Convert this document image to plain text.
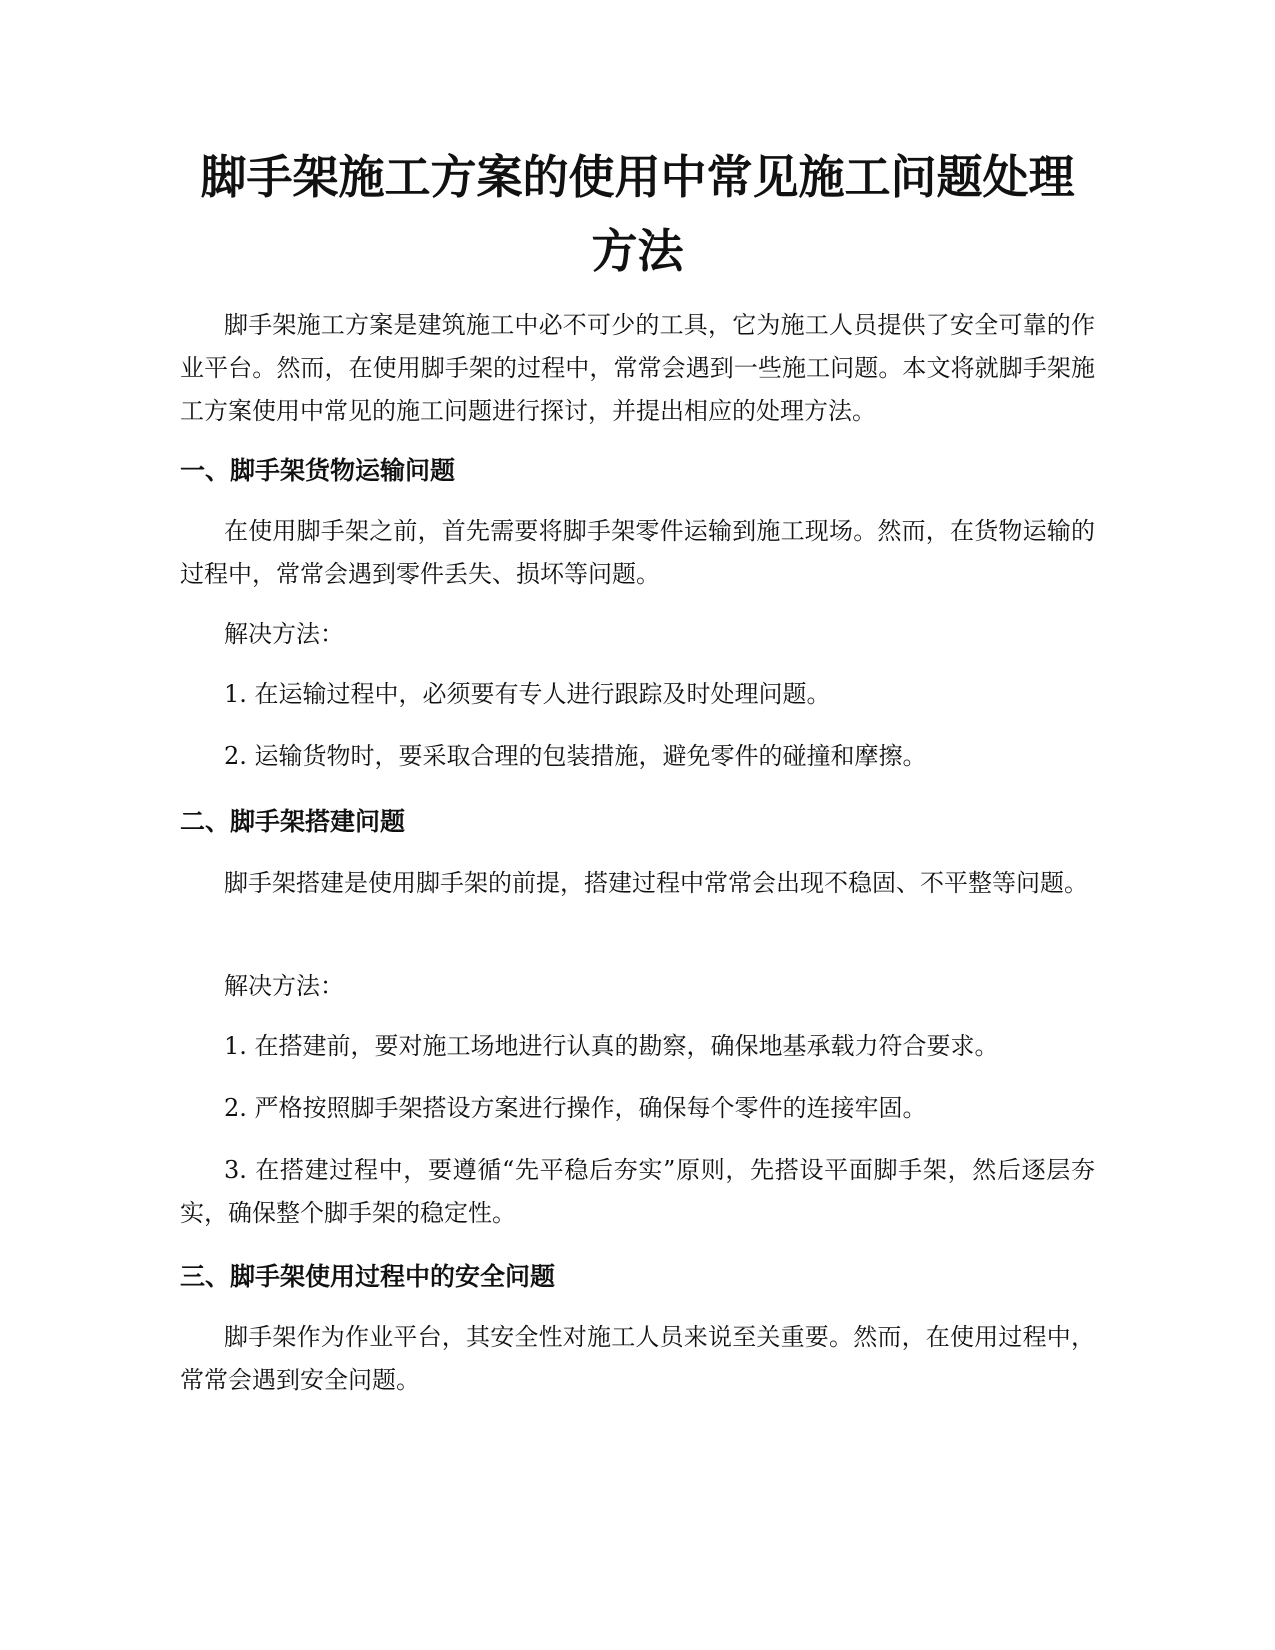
脚手架施工方案的使用中常见施工问题处理方法

脚手架施工方案是建筑施工中必不可少的工具，它为施工人员提供了安全可靠的作业平台。然而，在使用脚手架的过程中，常常会遇到一些施工问题。本文将就脚手架施工方案使用中常见的施工问题进行探讨，并提出相应的处理方法。

一、脚手架货物运输问题

在使用脚手架之前，首先需要将脚手架零件运输到施工现场。然而，在货物运输的过程中，常常会遇到零件丢失、损坏等问题。

解决方法：

1. 在运输过程中，必须要有专人进行跟踪及时处理问题。

2. 运输货物时，要采取合理的包装措施，避免零件的碰撞和摩擦。

二、脚手架搭建问题

脚手架搭建是使用脚手架的前提，搭建过程中常常会出现不稳固、不平整等问题。

解决方法：

1. 在搭建前，要对施工场地进行认真的勘察，确保地基承载力符合要求。

2. 严格按照脚手架搭设方案进行操作，确保每个零件的连接牢固。

3. 在搭建过程中，要遵循“先平稳后夯实”原则，先搭设平面脚手架，然后逐层夯实，确保整个脚手架的稳定性。

三、脚手架使用过程中的安全问题

脚手架作为作业平台，其安全性对施工人员来说至关重要。然而，在使用过程中，常常会遇到安全问题。
